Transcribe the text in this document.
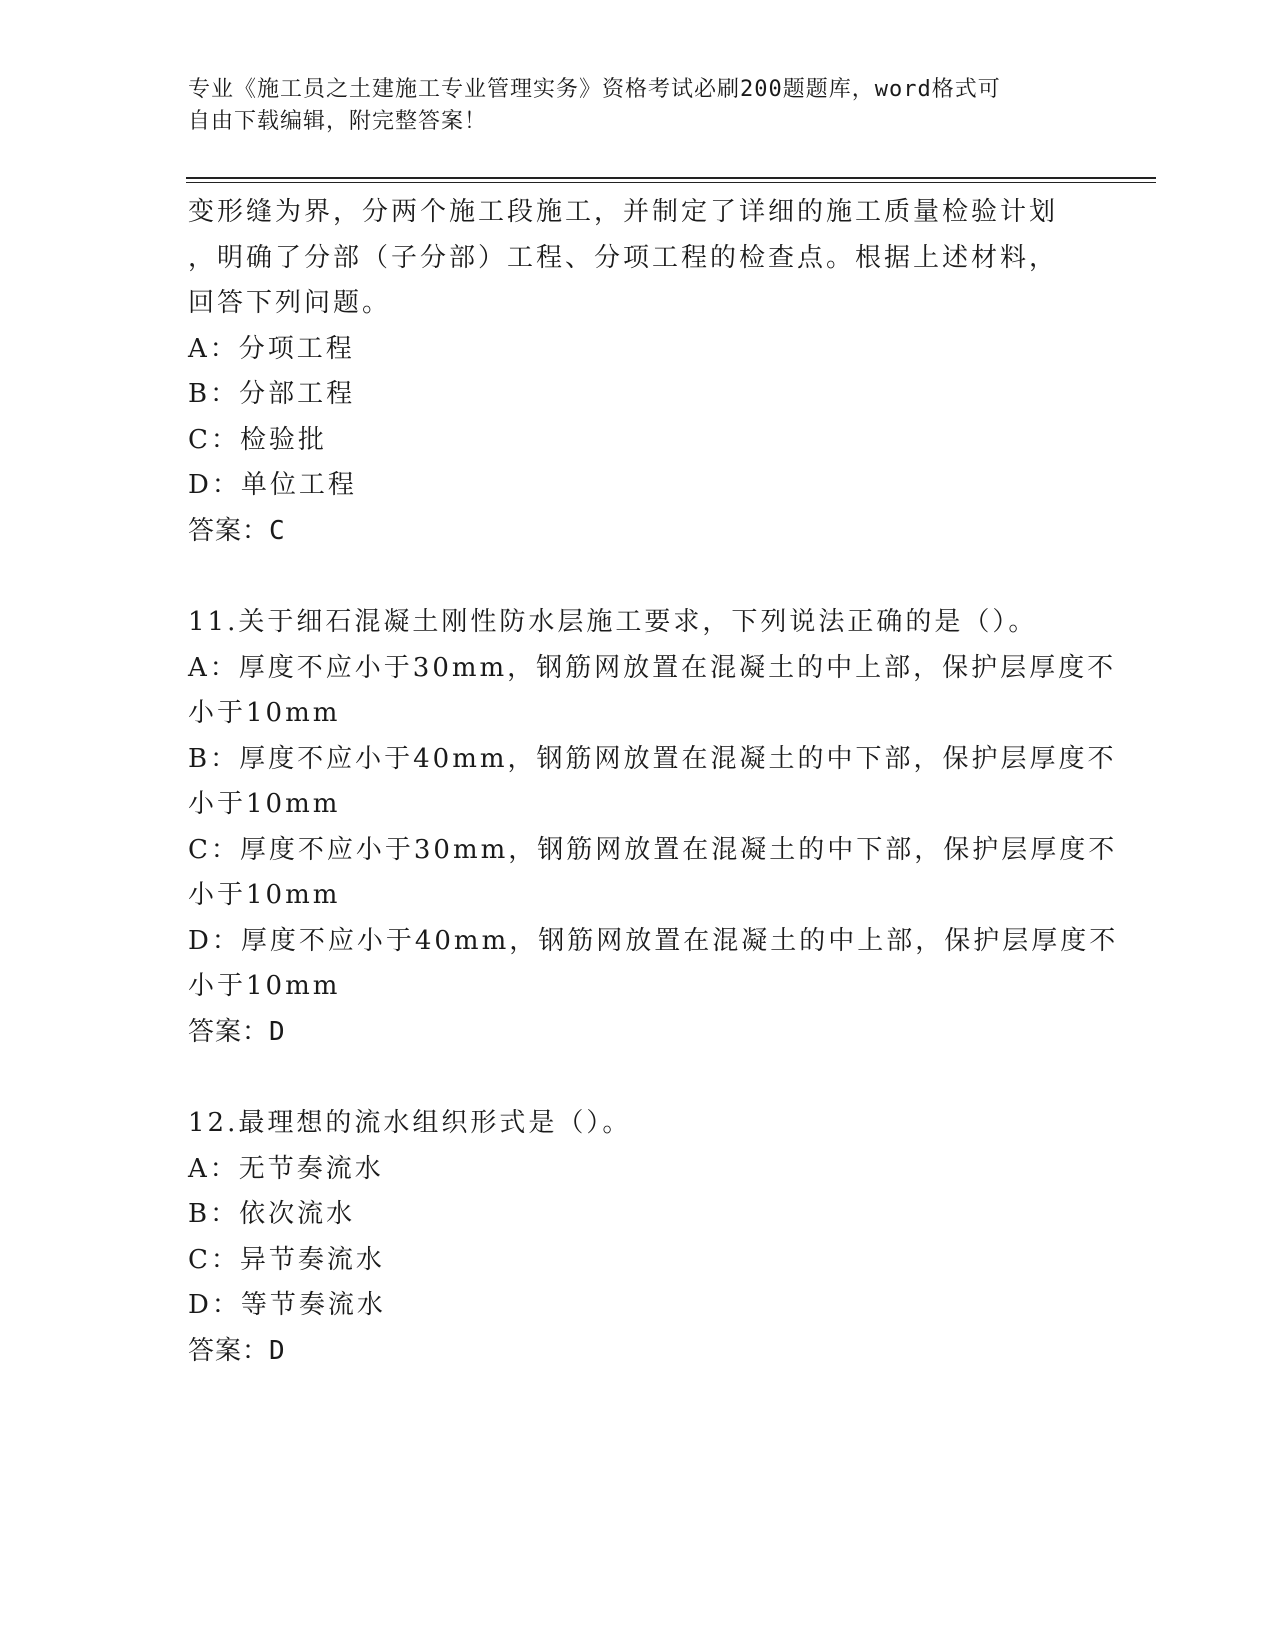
专业《施工员之土建施工专业管理实务》资格考试必刷200题题库，word格式可
自由下载编辑，附完整答案！
变形缝为界，分两个施工段施工，并制定了详细的施工质量检验计划
，明确了分部（子分部）工程、分项工程的检查点。根据上述材料，
回答下列问题。
A：分项工程
B：分部工程
C：检验批
D：单位工程
答案：C
11.关于细石混凝土刚性防水层施工要求，下列说法正确的是（）。
A：厚度不应小于30mm，钢筋网放置在混凝土的中上部，保护层厚度不
小于10mm
B：厚度不应小于40mm，钢筋网放置在混凝土的中下部，保护层厚度不
小于10mm
C：厚度不应小于30mm，钢筋网放置在混凝土的中下部，保护层厚度不
小于10mm
D：厚度不应小于40mm，钢筋网放置在混凝土的中上部，保护层厚度不
小于10mm
答案：D
12.最理想的流水组织形式是（）。
A：无节奏流水
B：依次流水
C：异节奏流水
D：等节奏流水
答案：D
